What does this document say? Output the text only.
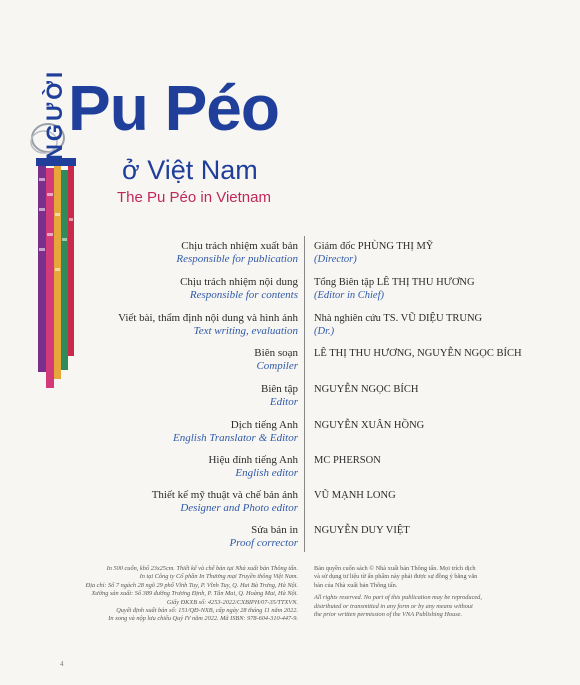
NGƯỜI Pu Péo
ở Việt Nam
The Pu Péo in Vietnam
Chịu trách nhiệm xuất bản
Responsible for publication
Giám đốc PHÙNG THỊ MỸ
(Director)
Chịu trách nhiệm nội dung
Responsible for contents
Tổng Biên tập LÊ THỊ THU HƯƠNG
(Editor in Chief)
Viết bài, thẩm định nội dung và hình ảnh
Text writing, evaluation
Nhà nghiên cứu TS. VŨ DIỆU TRUNG
(Dr.)
Biên soạn
Compiler
LÊ THỊ THU HƯƠNG, NGUYỄN NGỌC BÍCH
Biên tập
Editor
NGUYỄN NGỌC BÍCH
Dịch tiếng Anh
English Translator & Editor
NGUYỄN XUÂN HỒNG
Hiệu đính tiếng Anh
English editor
MC PHERSON
Thiết kế mỹ thuật và chế bản ảnh
Designer and Photo editor
VŨ MẠNH LONG
Sửa bản in
Proof corrector
NGUYỄN DUY VIỆT
In 500 cuốn, khổ 23x25cm. Thiết kế và chế bản tại Nhà xuất bản Thông tấn.
In tại Công ty Cổ phần In Thương mại Truyền thông Việt Nam.
Địa chỉ: Số 7 ngách 28 ngõ 29 phố Vĩnh Tuy, P. Vĩnh Tuy, Q. Hai Bà Trưng, Hà Nội.
Xưởng sản xuất: Số 389 đường Trương Định, P. Tân Mai, Q. Hoàng Mai, Hà Nội.
Giấy ĐKXB số: 4253-2022/CXBIPH/07-35/TTXVN.
Quyết định xuất bản số: 151/QĐ-NXB, cấp ngày 28 tháng 11 năm 2022.
In xong và nộp lưu chiểu Quý IV năm 2022. Mã ISBN: 978-604-310-447-9.
Bản quyền cuốn sách © Nhà xuất bản Thông tấn. Mọi trích dịch
và sử dụng tư liệu từ ấn phẩm này phải được sự đồng ý bằng văn
bản của Nhà xuất bản Thông tấn.
All rights reserved. No part of this publication may be reproduced,
distributed or transmitted in any form or by any means without
the prior written permission of the VNA Publishing House.
4
